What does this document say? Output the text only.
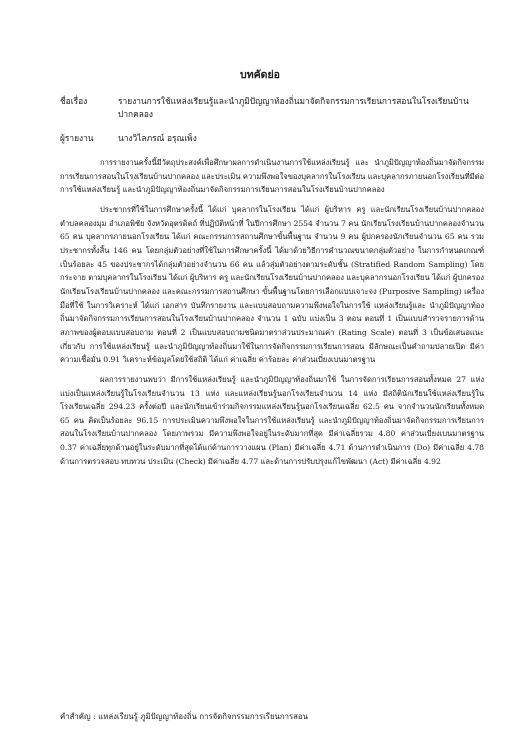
บทคัดย่อ
ชื่อเรื่อง	รายงานการใช้แหล่งเรียนรู้และนำภูมิปัญญาท้องถิ่นมาจัดกิจกรรมการเรียนการสอนในโรงเรียนบ้านปากคลอง
ผู้รายงาน	นางวิไลภรณ์ อรุณเพ็ง

การรายงานครั้งนี้มีวัตถุประสงค์เพื่อศึกษาผลการดำเนินงานการใช้แหล่งเรียนรู้ และ นำภูมิปัญญาท้องถิ่นมาจัดกิจกรรมการเรียนการสอนในโรงเรียนบ้านปากคลอง และประเมิน ความพึงพอใจของบุคลากรในโรงเรียน และบุคลากรภายนอกโรงเรียนที่มีต่อการใช้แหล่งเรียนรู้ และนำภูมิปัญญาท้องถิ่นมาจัดกิจกรรมการเรียนการสอนในโรงเรียนบ้านปากคลอง

ประชากรที่ใช้ในการศึกษาครั้งนี้ ได้แก่ บุคลากรในโรงเรียน ได้แก่ ผู้บริหาร ครู และนักเรียนโรงเรียนบ้านปากคลอง ตำบลคลองมุม อำเภอพิชัย จังหวัดอุตรดิตถ์ ที่ปฏิบัติหน้าที่ ในปีการศึกษา 2554 จำนวน 7 คน นักเรียนโรงเรียนบ้านปากคลองจำนวน 65 คน บุคลากรภายนอกโรงเรียน ได้แก่ คณะกรรมการสถานศึกษาขั้นพื้นฐาน จำนวน 9 คน ผู้ปกครองนักเรียนจำนวน 65 คน รวมประชากรทั้งสิ้น 146 คน โดยกลุ่มตัวอย่างที่ใช้ในการศึกษาครั้งนี้ ได้มาด้วยวิธีการคำนวณขนาดกลุ่มตัวอย่าง ในการกำหนดเกณฑ์เป็นร้อยละ 45 ของประชากรได้กลุ่มตัวอย่างจำนวน 66 คน แล้วสุ่มตัวอย่างตามระดับชั้น (Stratified Random Sampling) โดยกระจาย ตามบุคลากรในโรงเรียน ได้แก่ ผู้บริหาร ครู และนักเรียนโรงเรียนบ้านปากคลอง และบุคลากรนอกโรงเรียน ได้แก่ ผู้ปกครองนักเรียนโรงเรียนบ้านปากคลอง และคณะกรรมการสถานศึกษา ขั้นพื้นฐานโดยการเลือกแบบเจาะจง (Purposive Sampling) เครื่องมือที่ใช้ ในการวิเคราะห์ ได้แก่ เอกสาร บันทึกรายงาน และแบบสอบถามความพึงพอใจในการใช้ แหล่งเรียนรู้และ นำภูมิปัญญาท้องถิ่นมาจัดกิจกรรมการเรียนการสอนในโรงเรียนบ้านปากคลอง จำนวน 1 ฉบับ แบ่งเป็น 3 ตอน ตอนที่ 1 เป็นแบบสำรวจรายการด้านสภาพของผู้ตอบแบบสอบถาม ตอนที่ 2 เป็นแบบสอบถามชนิดมาตราส่วนประมาณค่า (Rating Scale) ตอนที่ 3 เป็นข้อเสนอแนะเกี่ยวกับ การใช้แหล่งเรียนรู้ และนำภูมิปัญญาท้องถิ่นมาใช้ในการจัดกิจกรรมการเรียนการสอน มีลักษณะเป็นคำถามปลายเปิด มีค่าความเชื่อมั่น 0.91 วิเคราะห์ข้อมูลโดยใช้สถิติ ได้แก่ ค่าเฉลี่ย ค่าร้อยละ ค่าส่วนเบี่ยงเบนมาตรฐาน

ผลการรายงานพบว่า มีการใช้แหล่งเรียนรู้ และนำภูมิปัญญาท้องถิ่นมาใช้ ในการจัดการเรียนการสอนทั้งหมด 27 แห่ง แบ่งเป็นแหล่งเรียนรู้ในโรงเรียนจำนวน 13 แห่ง และแหล่งเรียนรู้นอกโรงเรียนจำนวน 14 แห่ง มีสถิตินักเรียนใช้แหล่งเรียนรู้ในโรงเรียนเฉลี่ย 294.23 ครั้งต่อปี และนักเรียนเข้าร่วมกิจกรรมแหล่งเรียนรู้นอกโรงเรียนเฉลี่ย 62.5 คน จากจำนวนนักเรียนทั้งหมด 65 คน คิดเป็นร้อยละ 96.15 การประเมินความพึงพอใจในการใช้แหล่งเรียนรู้ และนำภูมิปัญญาท้องถิ่นมาจัดกิจกรรมการเรียนการสอนในโรงเรียนบ้านปากคลอง โดยภาพรวม มีความพึงพอใจอยู่ในระดับมากที่สุด มีค่าเฉลี่ยรวม 4.80 ค่าส่วนเบี่ยงเบนมาตรฐาน 0.37 ค่าเฉลี่ยทุกด้านอยู่ในระดับมากที่สุดได้แก่ด้านการวางแผน (Plan) มีค่าเฉลี่ย 4.71 ด้านการดำเนินการ (Do) มีค่าเฉลี่ย 4.78 ด้านการตรวจสอบ ทบทวน ประเมิน (Check) มีค่าเฉลี่ย 4.77 และด้านการปรับปรุงแก้ไขพัฒนา (Act) มีค่าเฉลี่ย 4.92

คำสำคัญ : แหล่งเรียนรู้ ภูมิปัญญาท้องถิ่น การจัดกิจกรรมการเรียนการสอน
